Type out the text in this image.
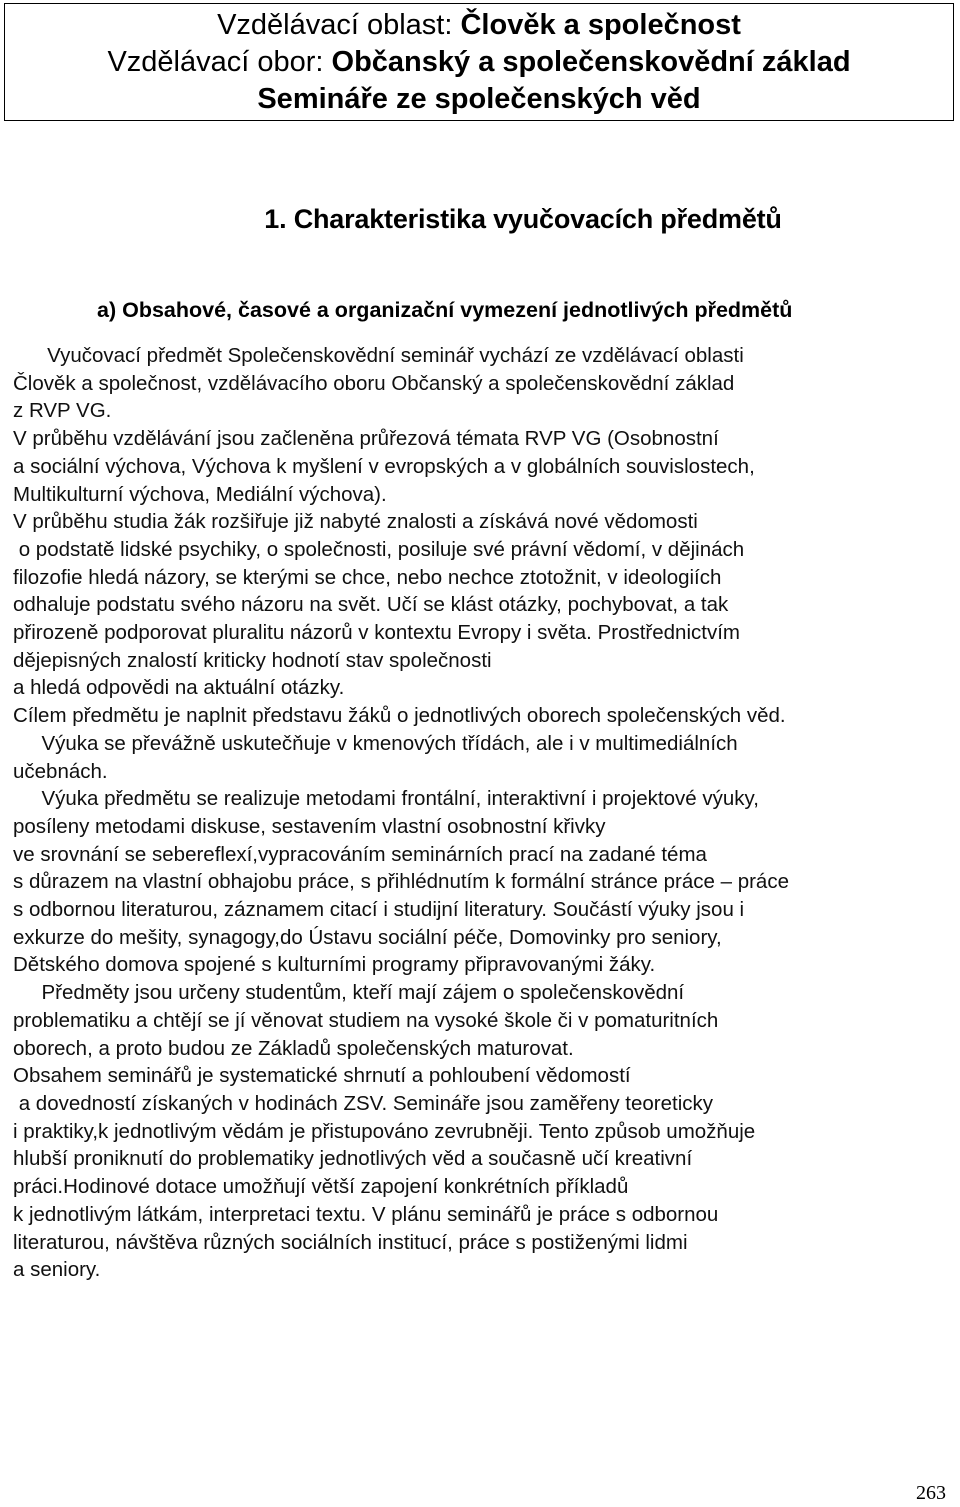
Vzdělávací oblast: Člověk a společnost
Vzdělávací obor: Občanský a společenskovědní základ
Semináře ze společenských věd
1. Charakteristika vyučovacích předmětů
a) Obsahové, časové a organizační vymezení jednotlivých předmětů
Vyučovací předmět Společenskovědní seminář vychází ze vzdělávací oblasti
Člověk a společnost, vzdělávacího oboru Občanský a společenskovědní základ
z RVP VG.
V průběhu vzdělávání jsou začleněna průřezová témata RVP VG (Osobnostní
a sociální výchova, Výchova k myšlení v evropských a v globálních souvislostech,
Multikulturní výchova, Mediální výchova).
V průběhu studia žák rozšiřuje již nabyté znalosti a získává nové vědomosti
o podstatě lidské psychiky, o společnosti, posiluje své právní vědomí, v dějinách
filozofie hledá názory, se kterými se chce, nebo nechce ztotožnit, v ideologiích
odhaluje podstatu svého názoru na svět. Učí se klást otázky, pochybovat, a tak
přirozeně podporovat pluralitu názorů v kontextu Evropy i světa. Prostřednictvím
dějepisných znalostí kriticky hodnotí stav společnosti
a hledá odpovědi na aktuální otázky.
Cílem předmětu je naplnit představu žáků o jednotlivých oborech společenských věd.
Výuka se převážně uskutečňuje v kmenových třídách, ale i v multimediálních
učebnách.
Výuka předmětu se realizuje metodami frontální, interaktivní i projektové výuky,
posíleny metodami diskuse, sestavením vlastní osobnostní křivky
ve srovnání se sebereflexí,vypracováním seminárních prací na zadané téma
s důrazem na vlastní obhajobu práce, s přihlédnutím k formální stránce práce – práce
s odbornou literaturou, záznamem citací i studijní literatury. Součástí výuky jsou i
exkurze do mešity, synagogy,do Ústavu sociální péče, Domovinky pro seniory,
Dětského domova spojené s kulturními programy připravovanými žáky.
Předměty jsou určeny studentům, kteří mají zájem o společenskovědní
problematiku a chtějí se jí věnovat studiem na vysoké škole či v pomaturitních
oborech, a proto budou ze Základů společenských maturovat.
Obsahem seminářů je systematické shrnutí a pohloubení vědomostí
a dovedností získaných v hodinách ZSV. Semináře jsou zaměřeny teoreticky
i praktiky,k jednotlivým vědám je přistupováno zevrubněji. Tento způsob umožňuje
hlubší proniknutí do problematiky jednotlivých věd a současně učí kreativní
práci.Hodinové dotace umožňují větší zapojení konkrétních příkladů
k jednotlivým látkám, interpretaci textu. V plánu seminářů je práce s odbornou
literaturou, návštěva různých sociálních institucí, práce s postiženými lidmi
a seniory.
263
